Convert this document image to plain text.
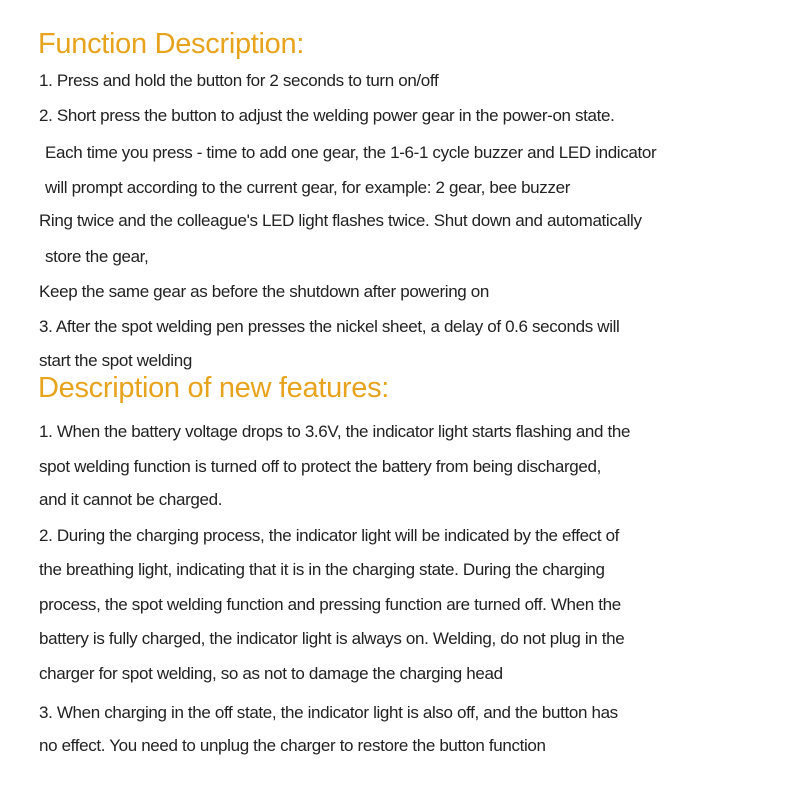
Function Description:

1. Press and hold the button for 2 seconds to turn on/off

2. Short press the button to adjust the welding power gear in the power-on state.

Each time you press - time to add one gear, the 1-6-1 cycle buzzer and LED indicator

will prompt according to the current gear, for example: 2 gear, bee buzzer

Ring twice and the colleague's LED light flashes twice. Shut down and automatically

store the gear,

Keep the same gear as before the shutdown after powering on

3. After the spot welding pen presses the nickel sheet, a delay of 0.6 seconds will

start the spot welding

Description of new features:

1. When the battery voltage drops to 3.6V, the indicator light starts flashing and the

spot welding function is turned off to protect the battery from being discharged,

and it cannot be charged.

2. During the charging process, the indicator light will be indicated by the effect of

the breathing light, indicating that it is in the charging state. During the charging

process, the spot welding function and pressing function are turned off. When the

battery is fully charged, the indicator light is always on. Welding, do not plug in the

charger for spot welding, so as not to damage the charging head

3. When charging in the off state, the indicator light is also off, and the button has

no effect. You need to unplug the charger to restore the button function
